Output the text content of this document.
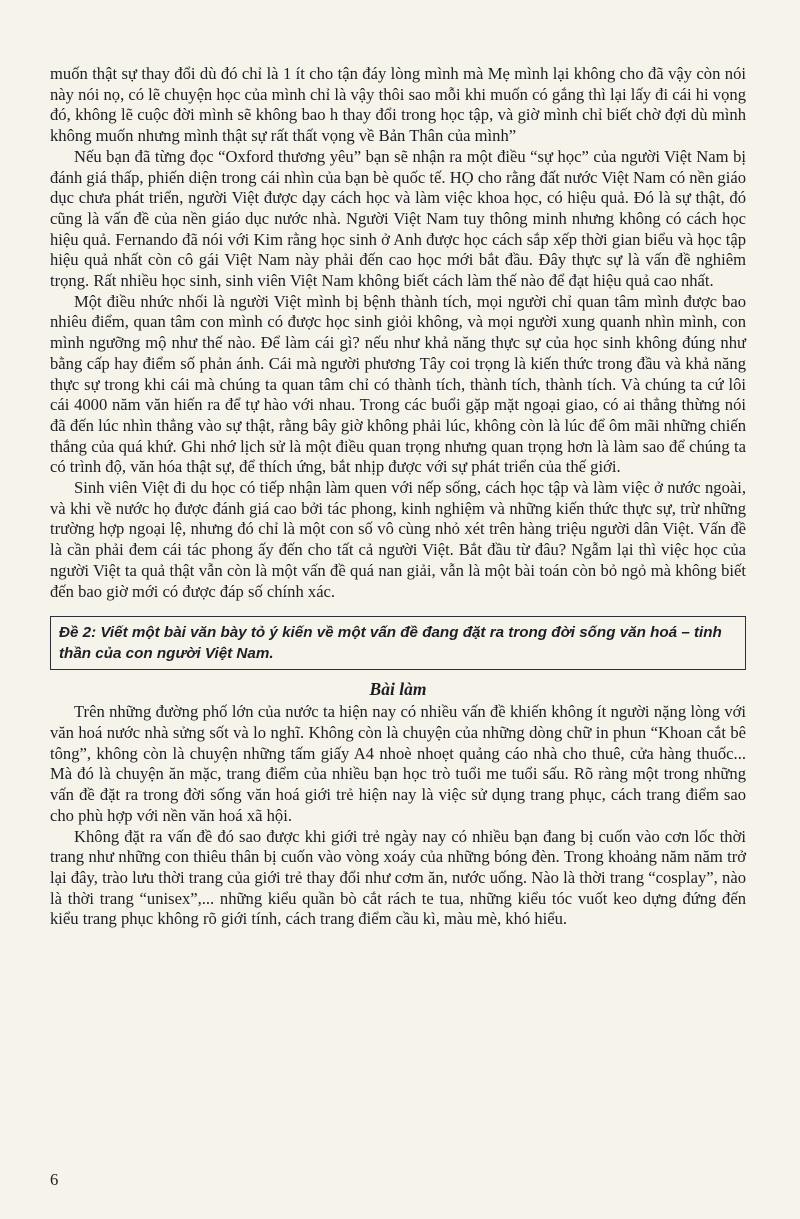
muốn thật sự thay đổi dù đó chỉ là 1 ít cho tận đáy lòng mình mà Mẹ mình lại không cho đã vậy còn nói này nói nọ, có lẽ chuyện học của mình chỉ là vậy thôi sao mỗi khi muốn có gắng thì lại lấy đi cái hi vọng đó, không lẽ cuộc đời mình sẽ không bao h thay đổi trong học tập, và giờ mình chỉ biết chờ đợi dù mình không muốn nhưng mình thật sự rất thất vọng về Bản Thân của mình”

Nếu bạn đã từng đọc “Oxford thương yêu” bạn sẽ nhận ra một điều “sự học” của người Việt Nam bị đánh giá thấp, phiến diện trong cái nhìn của bạn bè quốc tế. HỌ cho rằng đất nước Việt Nam có nền giáo dục chưa phát triển, người Việt được dạy cách học và làm việc khoa học, có hiệu quả. Đó là sự thật, đó cũng là vấn đề của nền giáo dục nước nhà. Người Việt Nam tuy thông minh nhưng không có cách học hiệu quả. Fernando đã nói với Kim rằng học sinh ở Anh được học cách sắp xếp thời gian biểu và học tập hiệu quả nhất còn cô gái Việt Nam này phải đến cao học mới bắt đầu. Đây thực sự là vấn đề nghiêm trọng. Rất nhiều học sinh, sinh viên Việt Nam không biết cách làm thế nào để đạt hiệu quả cao nhất.

Một điều nhức nhối là người Việt mình bị bệnh thành tích, mọi người chỉ quan tâm mình được bao nhiêu điểm, quan tâm con mình có được học sinh giỏi không, và mọi người xung quanh nhìn mình, con mình ngưỡng mộ như thế nào. Để làm cái gì? nếu như khả năng thực sự của học sinh không đúng như bằng cấp hay điểm số phản ánh. Cái mà người phương Tây coi trọng là kiến thức trong đầu và khả năng thực sự trong khi cái mà chúng ta quan tâm chỉ có thành tích, thành tích, thành tích. Và chúng ta cứ lôi cái 4000 năm văn hiến ra để tự hào với nhau. Trong các buổi gặp mặt ngoại giao, có ai thẳng thừng nói đã đến lúc nhìn thẳng vào sự thật, rằng bây giờ không phải lúc, không còn là lúc để ôm mãi những chiến thắng của quá khứ. Ghi nhớ lịch sử là một điều quan trọng nhưng quan trọng hơn là làm sao để chúng ta có trình độ, văn hóa thật sự, để thích ứng, bắt nhịp được với sự phát triển của thế giới.

Sinh viên Việt đi du học có tiếp nhận làm quen với nếp sống, cách học tập và làm việc ở nước ngoài, và khi về nước họ được đánh giá cao bởi tác phong, kinh nghiệm và những kiến thức thực sự, trừ những trường hợp ngoại lệ, nhưng đó chỉ là một con số vô cùng nhỏ xét trên hàng triệu người dân Việt. Vấn đề là cần phải đem cái tác phong ấy đến cho tất cả người Việt. Bắt đầu từ đâu? Ngẫm lại thì việc học của người Việt ta quả thật vẫn còn là một vấn đề quá nan giải, vẫn là một bài toán còn bỏ ngỏ mà không biết đến bao giờ mới có được đáp số chính xác.

Đề 2: Viết một bài văn bày tỏ ý kiến về một vấn đề đang đặt ra trong đời sống văn hoá – tinh thần của con người Việt Nam.
Bài làm

Trên những đường phố lớn của nước ta hiện nay có nhiều vấn đề khiến không ít người nặng lòng với văn hoá nước nhà sửng sốt và lo nghĩ. Không còn là chuyện của những dòng chữ in phun “Khoan cắt bê tông”, không còn là chuyện những tấm giấy A4 nhoè nhoẹt quảng cáo nhà cho thuê, cửa hàng thuốc... Mà đó là chuyện ăn mặc, trang điểm của nhiều bạn học trò tuổi me tuổi sấu. Rõ ràng một trong những vấn đề đặt ra trong đời sống văn hoá giới trẻ hiện nay là việc sử dụng trang phục, cách trang điểm sao cho phù hợp với nền văn hoá xã hội.

Không đặt ra vấn đề đó sao được khi giới trẻ ngày nay có nhiều bạn đang bị cuốn vào cơn lốc thời trang như những con thiêu thân bị cuốn vào vòng xoáy của những bóng đèn. Trong khoảng năm năm trở lại đây, trào lưu thời trang của giới trẻ thay đổi như cơm ăn, nước uống. Nào là thời trang “cosplay”, nào là thời trang “unisex”,... những kiểu quần bò cắt rách te tua, những kiểu tóc vuốt keo dựng đứng đến kiểu trang phục không rõ giới tính, cách trang điểm cầu kì, màu mè, khó hiểu.

6
